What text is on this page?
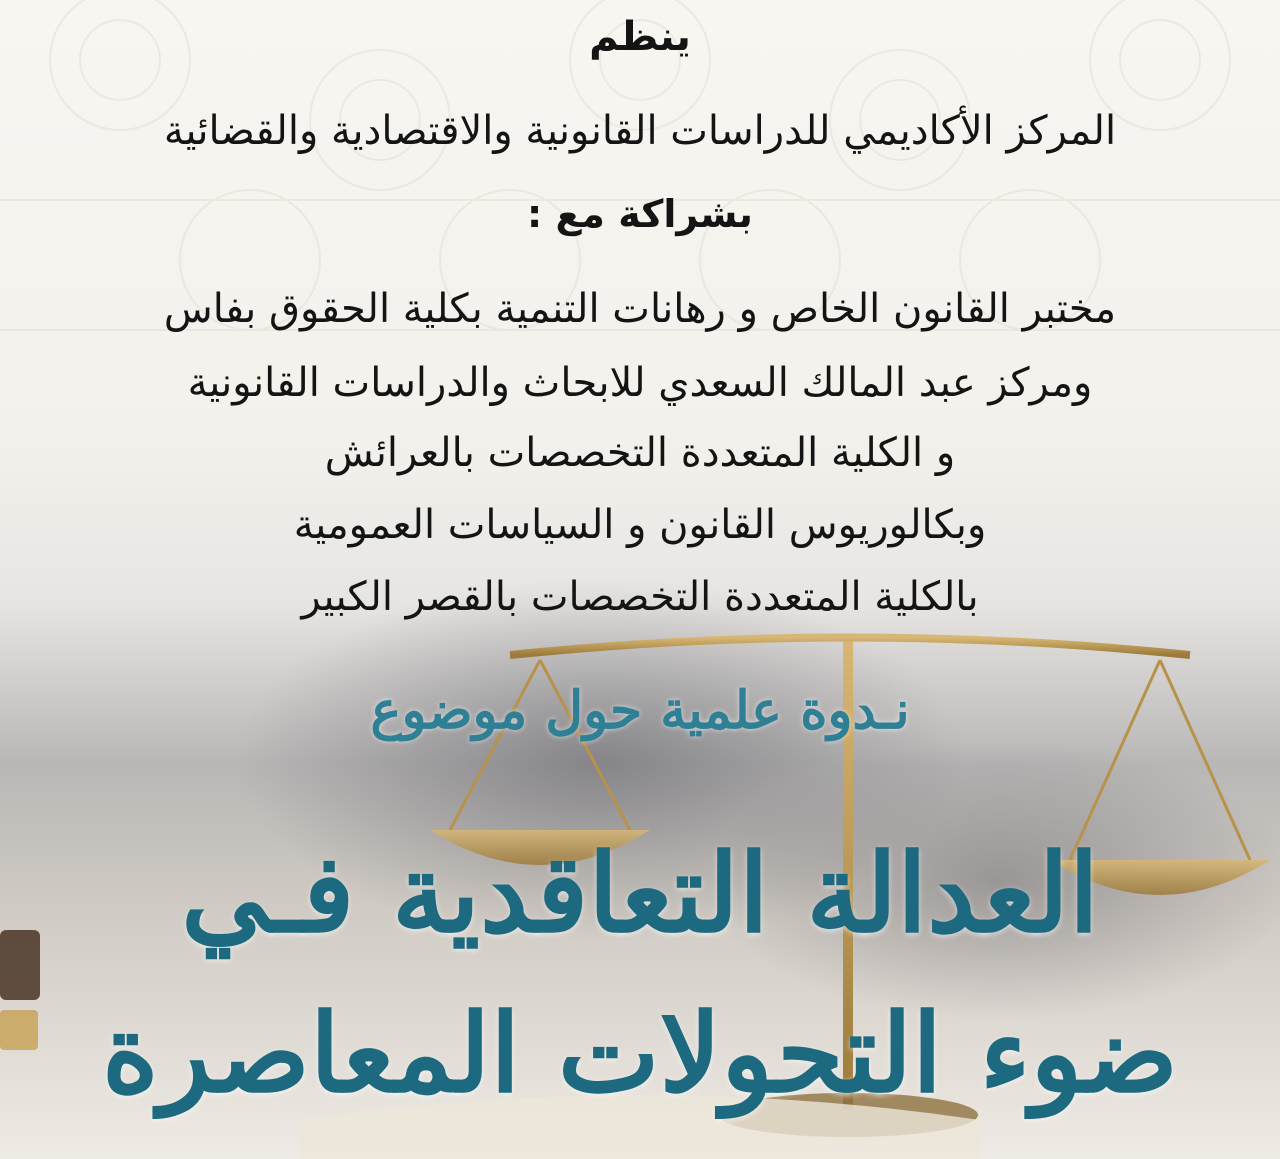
ينظم
المركز الأكاديمي للدراسات القانونية والاقتصادية والقضائية
بشراكة مع :
مختبر القانون الخاص و رهانات التنمية بكلية الحقوق بفاس
ومركز عبد المالك السعدي للابحاث والدراسات القانونية
و الكلية المتعددة التخصصات بالعرائش
وبكالوريوس القانون و السياسات العمومية
بالكلية المتعددة التخصصات بالقصر الكبير
نـدوة علمية حول موضوع
العدالة التعاقدية فـي
ضوء التحولات المعاصرة
